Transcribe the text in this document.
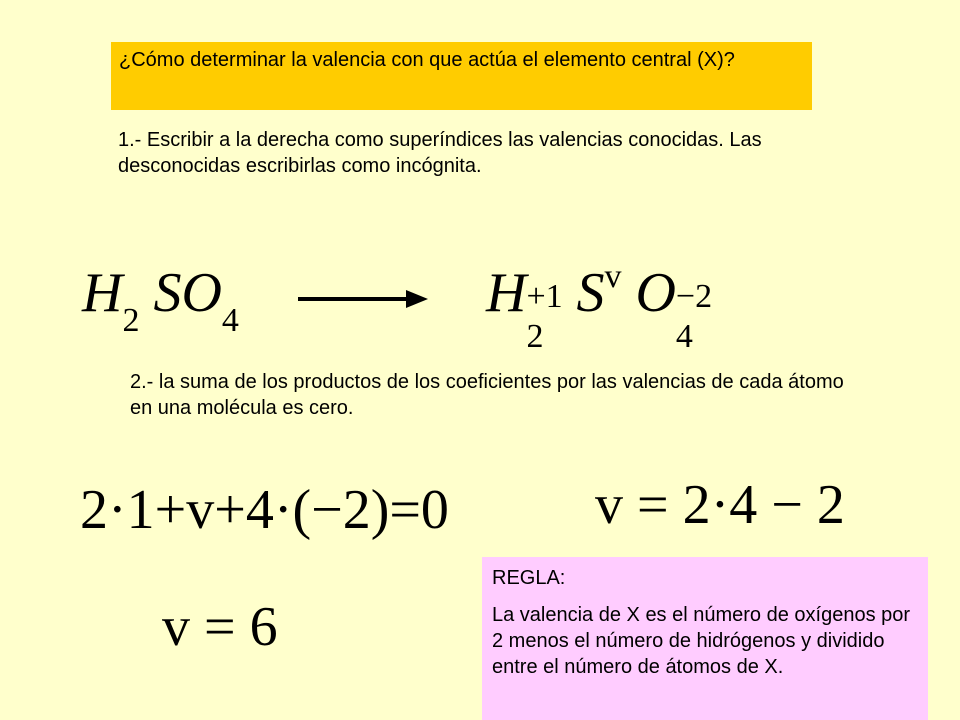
¿Cómo determinar la valencia con que actúa el elemento central (X)?
1.- Escribir a la derecha como superíndices las valencias conocidas. Las desconocidas escribirlas como incógnita.
$H_2$ $SO_4$	H +1
2
$S^v$ O −2
4
2.- la suma de los productos de los coeficientes por las valencias de cada átomo en una molécula es cero.
2·1+v+4·(−2)=0	v = 2·4 − 2
v = 6
REGLA:
La valencia de X es el número de oxígenos por 2 menos el número de hidrógenos y dividido entre el número de átomos de X.
